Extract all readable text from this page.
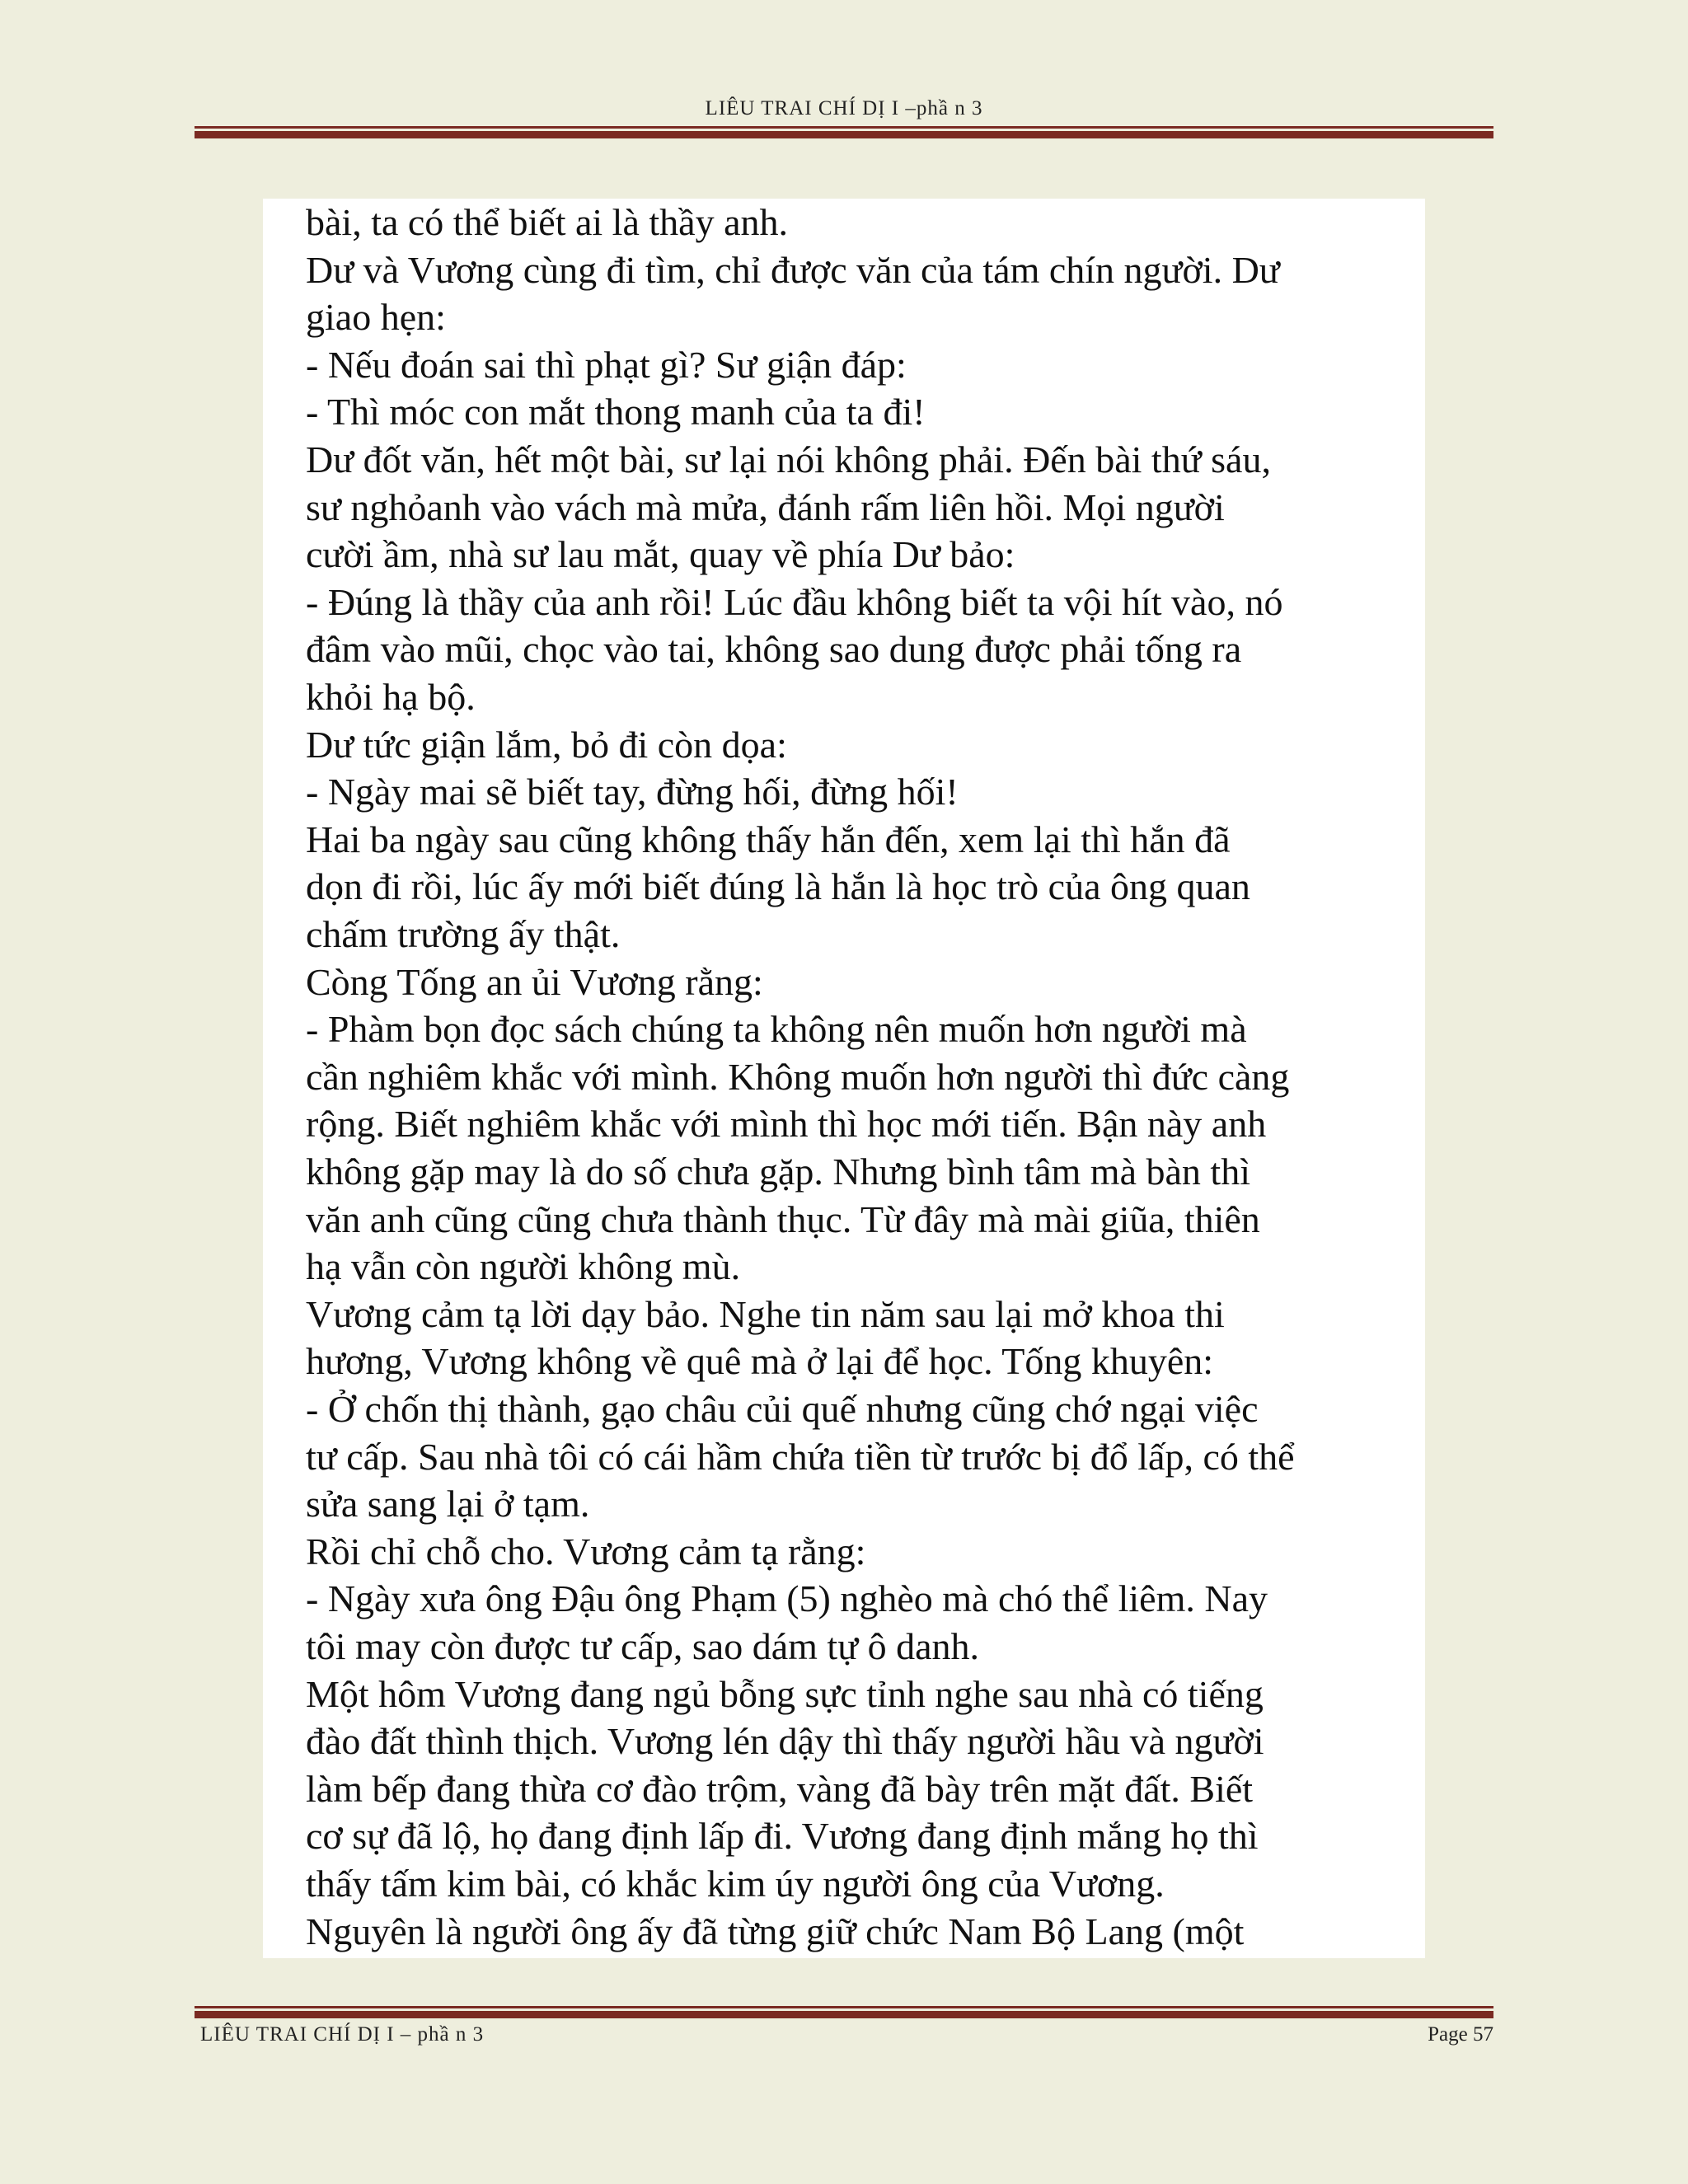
LIÊU TRAI CHÍ DỊ I –phầ n 3
bài, ta có thể biết ai là thầy anh.
Dư và Vương cùng đi tìm, chỉ được văn của tám chín người. Dư
giao hẹn:
- Nếu đoán sai thì phạt gì? Sư giận đáp:
- Thì móc con mắt thong manh của ta đi!
Dư đốt văn, hết một bài, sư lại nói không phải. Đến bài thứ sáu,
sư nghỏanh vào vách mà mửa, đánh rấm liên hồi. Mọi người
cười ầm, nhà sư lau mắt, quay về phía Dư bảo:
- Đúng là thầy của anh rồi! Lúc đầu không biết ta vội hít vào, nó
đâm vào mũi, chọc vào tai, không sao dung được phải tống ra
khỏi hạ bộ.
Dư tức giận lắm, bỏ đi còn dọa:
- Ngày mai sẽ biết tay, đừng hối, đừng hối!
Hai ba ngày sau cũng không thấy hắn đến, xem lại thì hắn đã
dọn đi rồi, lúc ấy mới biết đúng là hắn là học trò của ông quan
chấm trường ấy thật.
Còng Tống an ủi Vương rằng:
- Phàm bọn đọc sách chúng ta không nên muốn hơn người mà
cần nghiêm khắc với mình. Không muốn hơn người thì đức càng
rộng. Biết nghiêm khắc với mình thì học mới tiến. Bận này anh
không gặp may là do số chưa gặp. Nhưng bình tâm mà bàn thì
văn anh cũng cũng chưa thành thục. Từ đây mà mài giũa, thiên
hạ vẫn còn người không mù.
Vương cảm tạ lời dạy bảo. Nghe tin năm sau lại mở khoa thi
hương, Vương không về quê mà ở lại để học. Tống khuyên:
- Ở chốn thị thành, gạo châu củi quế nhưng cũng chớ ngại việc
tư cấp. Sau nhà tôi có cái hầm chứa tiền từ trước bị đổ lấp, có thể
sửa sang lại ở tạm.
Rồi chỉ chỗ cho. Vương cảm tạ rằng:
- Ngày xưa ông Đậu ông Phạm (5) nghèo mà chó thể liêm. Nay
tôi may còn được tư cấp, sao dám tự ô danh.
Một hôm Vương đang ngủ bỗng sực tỉnh nghe sau nhà có tiếng
đào đất thình thịch. Vương lén dậy thì thấy người hầu và người
làm bếp đang thừa cơ đào trộm, vàng đã bày trên mặt đất. Biết
cơ sự đã lộ, họ đang định lấp đi. Vương đang định mắng họ thì
thấy tấm kim bài, có khắc kim úy người ông của Vương.
Nguyên là người ông ấy đã từng giữ chức Nam Bộ Lang (một
LIÊU TRAI CHÍ DỊ I – phầ n 3	Page 57
